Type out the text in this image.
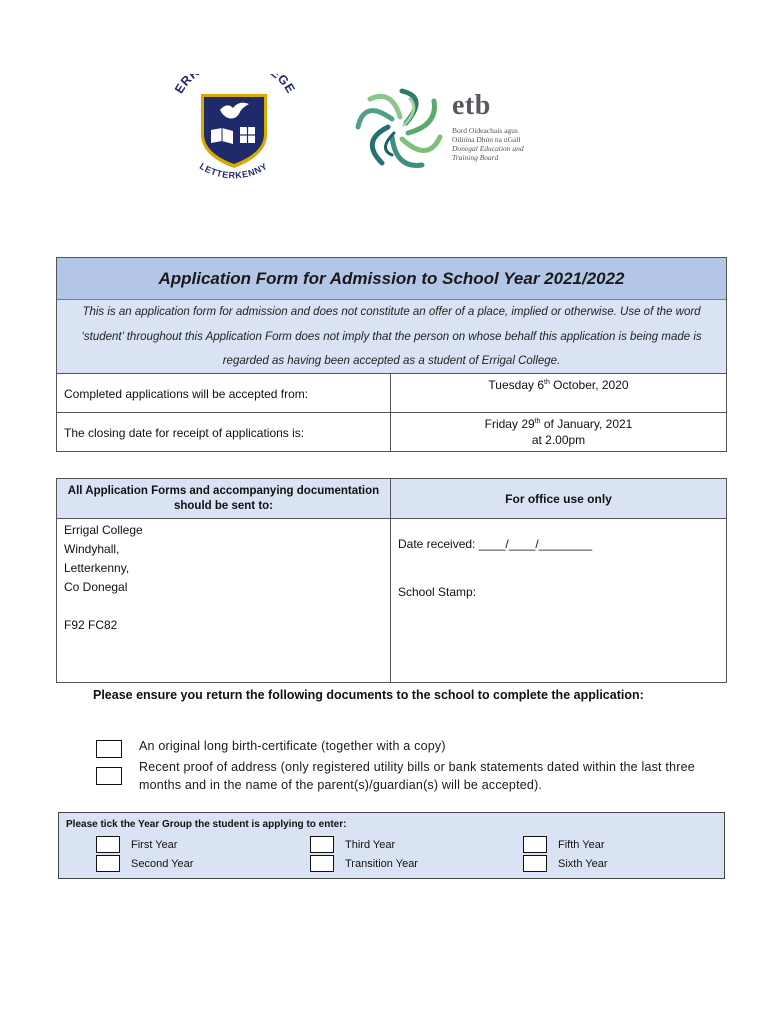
ER GE
LETTERKENNY
etb
Bord Oideachais agus
Oiliúna Dhún na nGall
Donegal Education and
Training Board
Application Form for Admission to School Year 2021/2022
This is an application form for admission and does not constitute an offer of a place, implied or otherwise. Use of the word ‘student’ throughout this Application Form does not imply that the person on whose behalf this application is being made is regarded as having been accepted as a student of Errigal College.
Completed applications will be accepted from:
Tuesday 6th October, 2020
The closing date for receipt of applications is:
Friday 29th of January, 2021
at 2.00pm
All Application Forms and accompanying documentation should be sent to:
For office use only
Errigal College
Windyhall,
Letterkenny,
Co Donegal
F92 FC82
Date received: ____/____/________
School Stamp:
Please ensure you return the following documents to the school to complete the application:
An original long birth-certificate (together with a copy)
Recent proof of address (only registered utility bills or bank statements dated within the last three months and in the name of the parent(s)/guardian(s) will be accepted).
Please tick the Year Group the student is applying to enter:
First Year
Second Year
Third Year
Transition Year
Fifth Year
Sixth Year
